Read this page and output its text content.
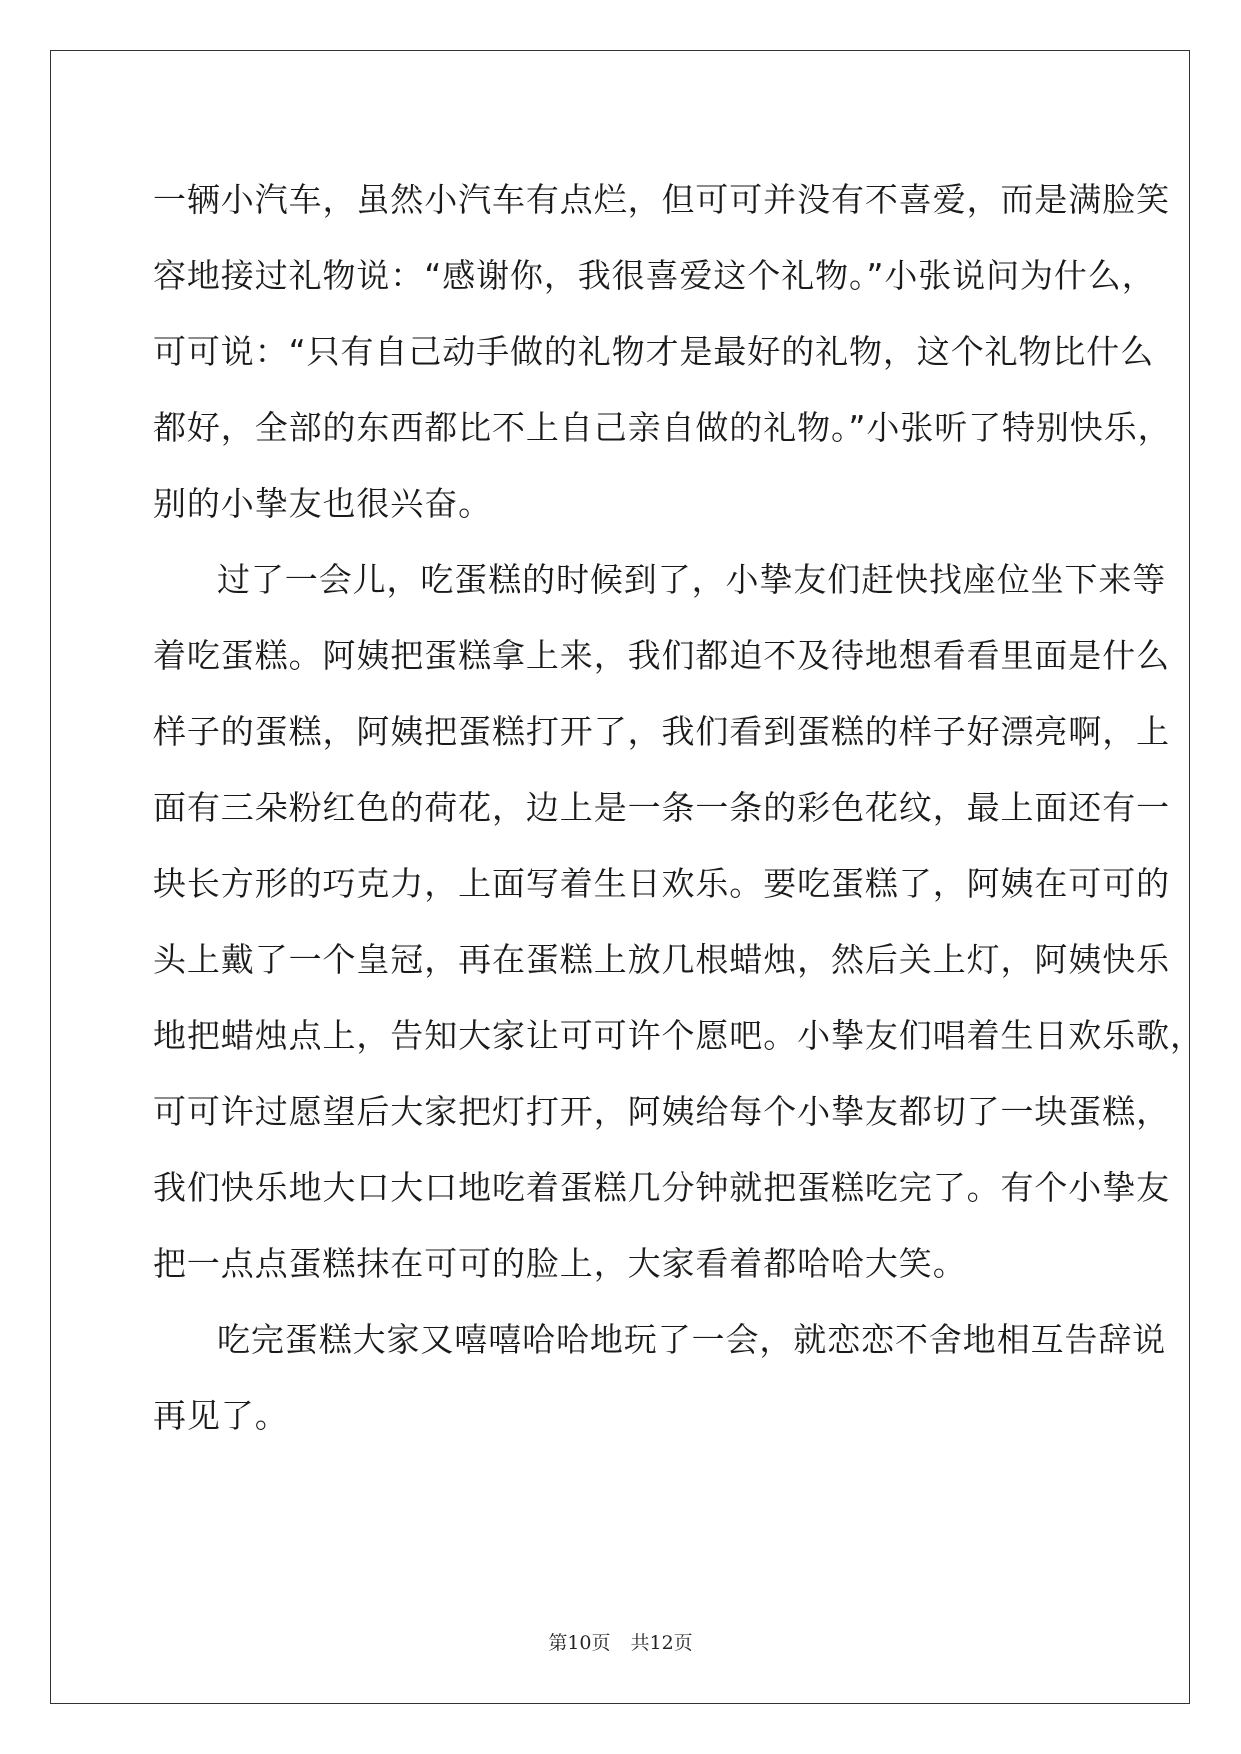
一辆小汽车，虽然小汽车有点烂，但可可并没有不喜爱，而是满脸笑
容地接过礼物说：“感谢你，我很喜爱这个礼物。”小张说问为什么，
可可说：“只有自己动手做的礼物才是最好的礼物，这个礼物比什么
都好，全部的东西都比不上自己亲自做的礼物。”小张听了特别快乐，
别的小挚友也很兴奋。
过了一会儿，吃蛋糕的时候到了，小挚友们赶快找座位坐下来等
着吃蛋糕。阿姨把蛋糕拿上来，我们都迫不及待地想看看里面是什么
样子的蛋糕，阿姨把蛋糕打开了，我们看到蛋糕的样子好漂亮啊，上
面有三朵粉红色的荷花，边上是一条一条的彩色花纹，最上面还有一
块长方形的巧克力，上面写着生日欢乐。要吃蛋糕了，阿姨在可可的
头上戴了一个皇冠，再在蛋糕上放几根蜡烛，然后关上灯，阿姨快乐
地把蜡烛点上，告知大家让可可许个愿吧。小挚友们唱着生日欢乐歌，
可可许过愿望后大家把灯打开，阿姨给每个小挚友都切了一块蛋糕，
我们快乐地大口大口地吃着蛋糕几分钟就把蛋糕吃完了。有个小挚友
把一点点蛋糕抹在可可的脸上，大家看着都哈哈大笑。
吃完蛋糕大家又嘻嘻哈哈地玩了一会，就恋恋不舍地相互告辞说
再见了。
第10页 共12页
